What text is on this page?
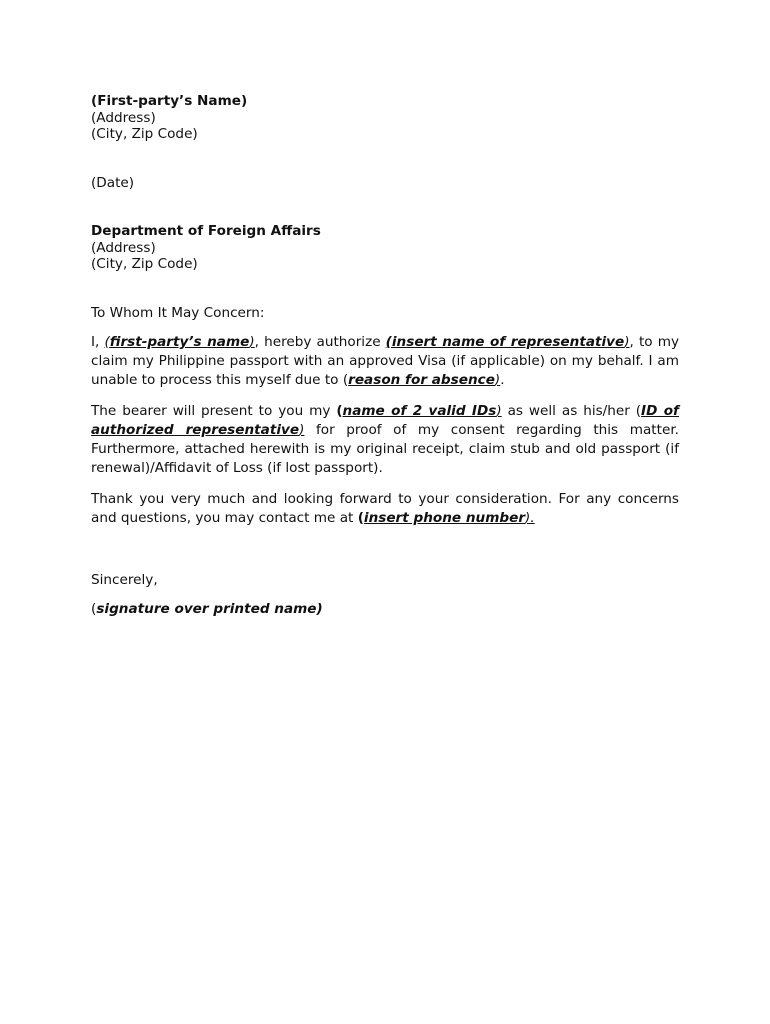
(First-party’s Name)
(Address)
(City, Zip Code)
(Date)
Department of Foreign Affairs
(Address)
(City, Zip Code)
To Whom It May Concern:

I, (first-party’s name), hereby authorize (insert name of representative), to my claim my Philippine passport with an approved Visa (if applicable) on my behalf. I am unable to process this myself due to (reason for absence).

The bearer will present to you my (name of 2 valid IDs) as well as his/her (ID of authorized representative) for proof of my consent regarding this matter. Furthermore, attached herewith is my original receipt, claim stub and old passport (if renewal)/Affidavit of Loss (if lost passport).

Thank you very much and looking forward to your consideration. For any concerns and questions, you may contact me at (insert phone number).

Sincerely,
(signature over printed name)
